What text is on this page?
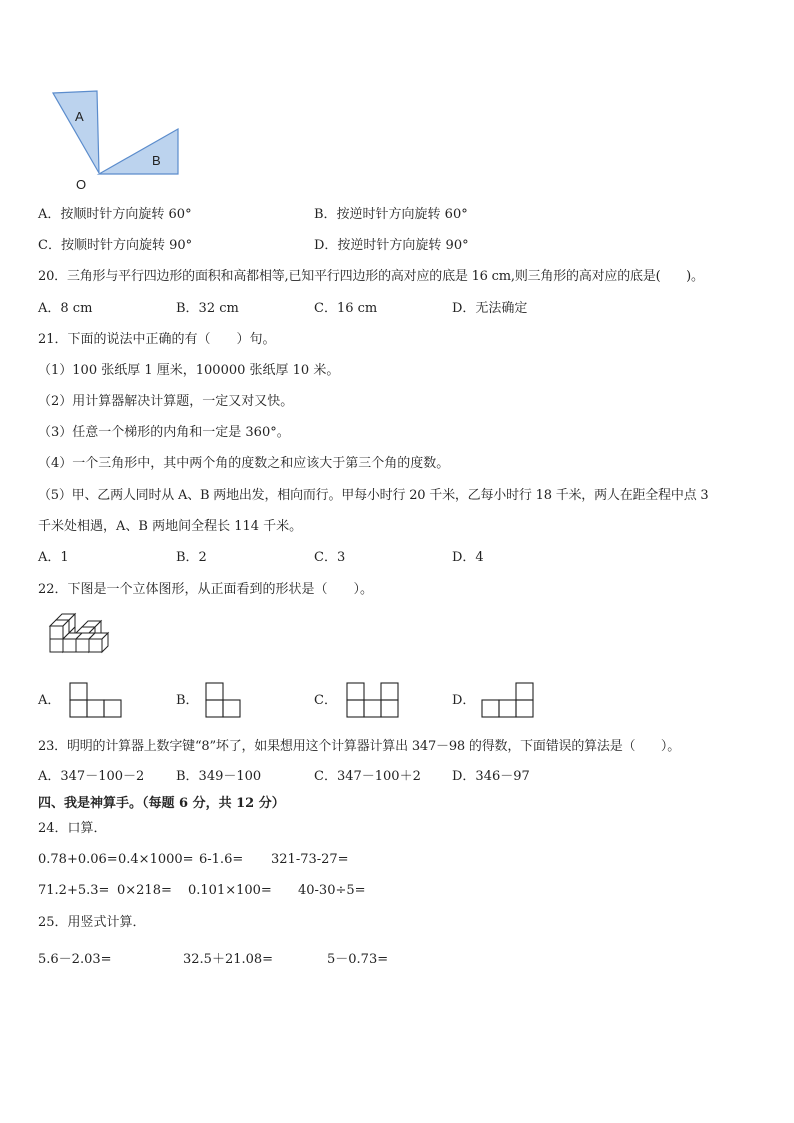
A
B
O
A．按顺时针方向旋转 60°	B．按逆时针方向旋转 60°
C．按顺时针方向旋转 90°	D．按逆时针方向旋转 90°
20．三角形与平行四边形的面积和高都相等,已知平行四边形的高对应的底是 16 cm,则三角形的高对应的底是(　　)。
A．8 cm	B．32 cm	C．16 cm	D．无法确定
21．下面的说法中正确的有（　　）句。
（1）100 张纸厚 1 厘米，100000 张纸厚 10 米。
（2）用计算器解决计算题，一定又对又快。
（3）任意一个梯形的内角和一定是 360°。
（4）一个三角形中，其中两个角的度数之和应该大于第三个角的度数。
（5）甲、乙两人同时从 A、B 两地出发，相向而行。甲每小时行 20 千米，乙每小时行 18 千米，两人在距全程中点 3
千米处相遇，A、B 两地间全程长 114 千米。
A．1	B．2	C．3	D．4
22．下图是一个立体图形，从正面看到的形状是（　　）。
A．	B．	C．	D．
23．明明的计算器上数字键“8”坏了，如果想用这个计算器计算出 347－98 的得数，下面错误的算法是（　　）。
A．347－100－2 B．349－100	C．347－100＋2 D．346－97
四、我是神算手。（每题 6 分，共 12 分）
24．口算．
0.78+0.06= 0.4×1000= 6-1.6= 321-73-27=
71.2+5.3= 0×218= 0.101×100= 40-30÷5=
25．用竖式计算．
5.6－2.03=	32.5＋21.08=	5－0.73=
